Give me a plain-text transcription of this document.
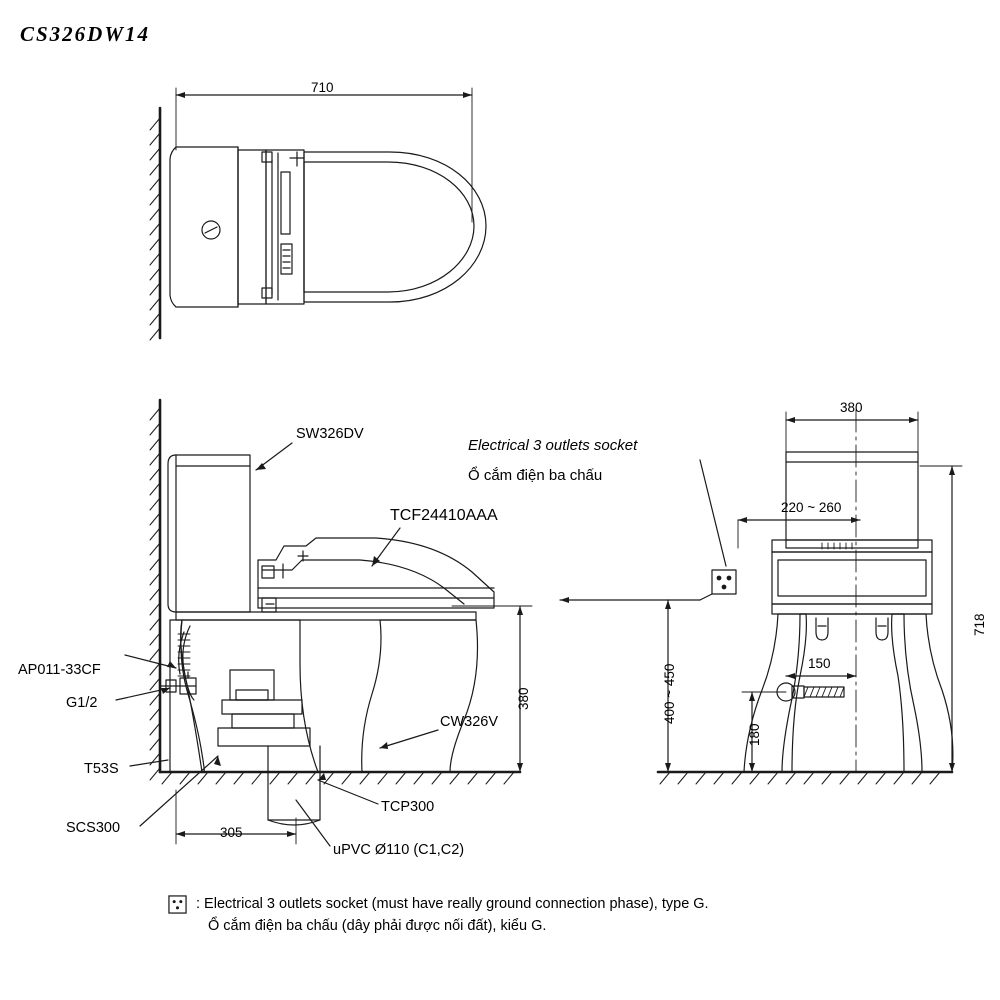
CS326DW14
710
SW326DV
TCF24410AAA
AP011-33CF
G1/2
T53S
SCS300
TCP300
CW326V
uPVC Ø110 (C1,C2)
Electrical 3 outlets socket
Ổ cắm điện ba chấu
380
305
380
220 ~ 260
718
400 ~ 450
150
180
: Electrical 3 outlets socket (must have really ground connection phase), type G.
Ổ cắm điện ba chấu (dây phải được nối đất), kiểu G.
